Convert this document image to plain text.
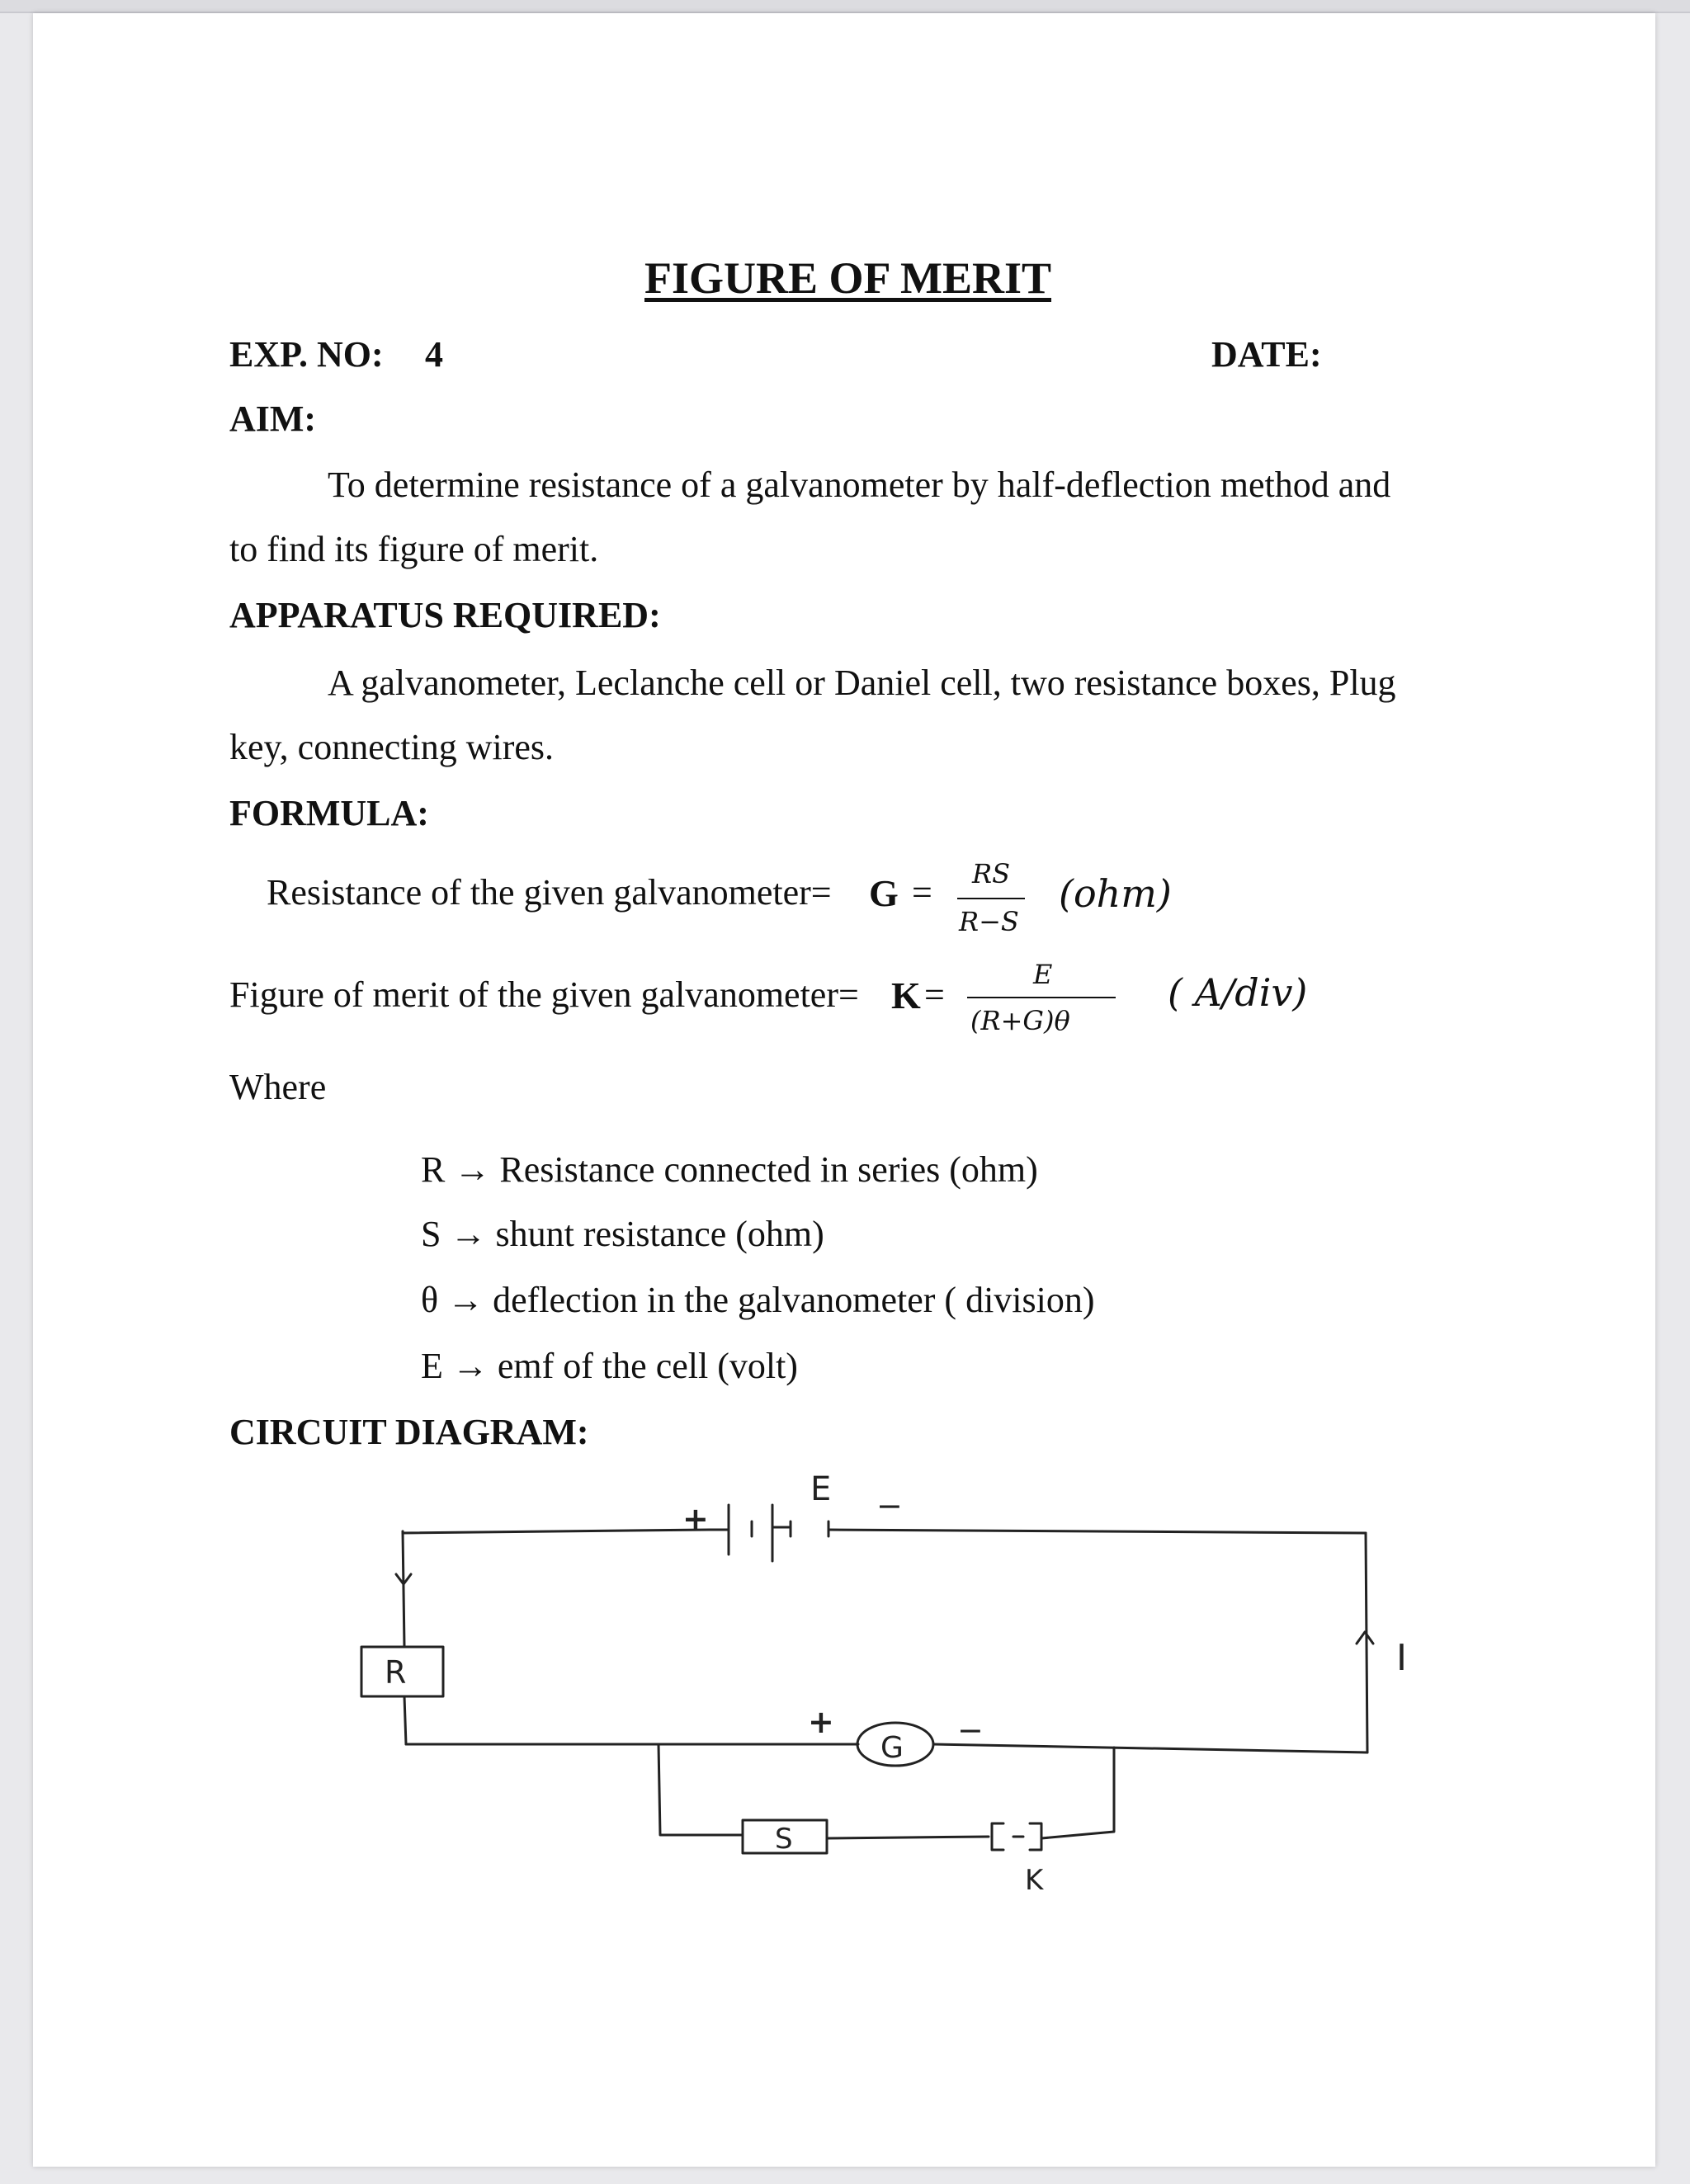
FIGURE OF MERIT
EXP. NO: 4	DATE:
AIM:
To determine resistance of a galvanometer by half-deflection method and
to find its figure of merit.
APPARATUS REQUIRED:
A galvanometer, Leclanche cell or Daniel cell, two resistance boxes, Plug
key, connecting wires.
FORMULA:
Resistance of the given galvanometer= G = RS
R−S
(ohm)
Figure of merit of the given galvanometer= K =	E
(R+G)θ
( A/div)
Where
R → Resistance connected in series (ohm)
S → shunt resistance (ohm)
θ → deflection in the galvanometer ( division)
E → emf of the cell (volt)
CIRCUIT DIAGRAM:
E
+	−
R	I
G
+	−
S
K
